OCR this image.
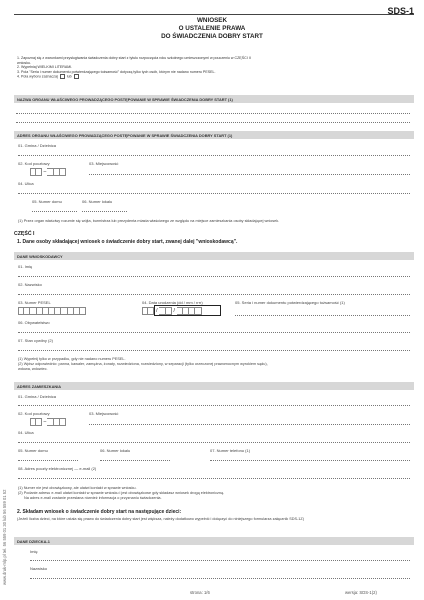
SDS-1
WNIOSEK
O USTALENIE PRAWA
DO ŚWIADCZENIA DOBRY START
1. Zapoznaj się z warunkami przysługiwania świadczenia dobry start z tytułu rozpoczęcia roku szkolnego umieszczonymi w pouczeniu w CZĘŚCI II
wniosku.
2. Wypełniaj WIELKIMI LITERAMI.
3. Pola "Seria i numer dokumentu potwierdzającego tożsamość" dotyczą tylko tych osób, którym nie nadano numeru PESEL.
4. Pola wyboru zaznaczaj	lub
NAZWA ORGANU WŁAŚCIWEGO PROWADZĄCEGO POSTĘPOWANIE W SPRAWIE ŚWIADCZENIA DOBRY START (1)
ADRES ORGANU WŁAŚCIWEGO PROWADZĄCEGO POSTĘPOWANIE W SPRAWIE ŚWIADCZENIA DOBRY START (1)
01. Gmina / Dzielnica
02. Kod pocztowy
–
03. Miejscowość
04. Ulica
05. Numer domu	06. Numer lokalu
(1) Przez organ właściwy rozumie się wójta, burmistrza lub prezydenta miasta właściwego ze względu na miejsce zamieszkania osoby składającej wniosek.
CZĘŚĆ I
1. Dane osoby składającej wniosek o świadczenie dobry start, zwanej dalej "wnioskodawcą".
DANE WNIOSKODAWCY
01. Imię
02. Nazwisko
03. Numer PESEL	04. Data urodzenia (dd / mm / rrrr)
/	/
05. Seria i numer dokumentu potwierdzającego tożsamość (1)
06. Obywatelstwo
07. Stan cywilny (2)
(1) Wypełnij tylko w przypadku, gdy nie nadano numeru PESEL.
(2) Wpisz odpowiednio: panna, kawaler, zamężna, żonaty, rozwiedziona, rozwiedziony, w separacji (tylko orzeczonej prawomocnym wyrokiem sądu),
wdowa, wdowiec.
ADRES ZAMIESZKANIA
01. Gmina / Dzielnica
02. Kod pocztowy
–
03. Miejscowość
04. Ulica
05. Numer domu	06. Numer lokalu	07. Numer telefonu (1)
08. Adres poczty elektronicznej — e-mail (2)
(1) Numer nie jest obowiązkowy, ale ułatwi kontakt w sprawie wniosku.
(2) Podanie adresu e-mail ułatwi kontakt w sprawie wniosku i jest obowiązkowe gdy składasz wniosek drogą elektroniczną.
Na adres e-mail zostanie przesłana również informacja o przyznaniu świadczenia.
2. Składam wniosek o świadczenie dobry start na następujące dzieci:
(Jeżeli liczba dzieci, na które ustala się prawo do świadczenia dobry start jest większa, należy dodatkowo wypełnić i dołączyć do niniejszego formularza załącznik SDS-1Z)
DANE DZIECKA-1
Imię
Nazwisko
www.druk-mlp.pl tel. 56 559 01 30 lub 56 559 01 52
strona: 1/6	wersja: SDS-1(2)
